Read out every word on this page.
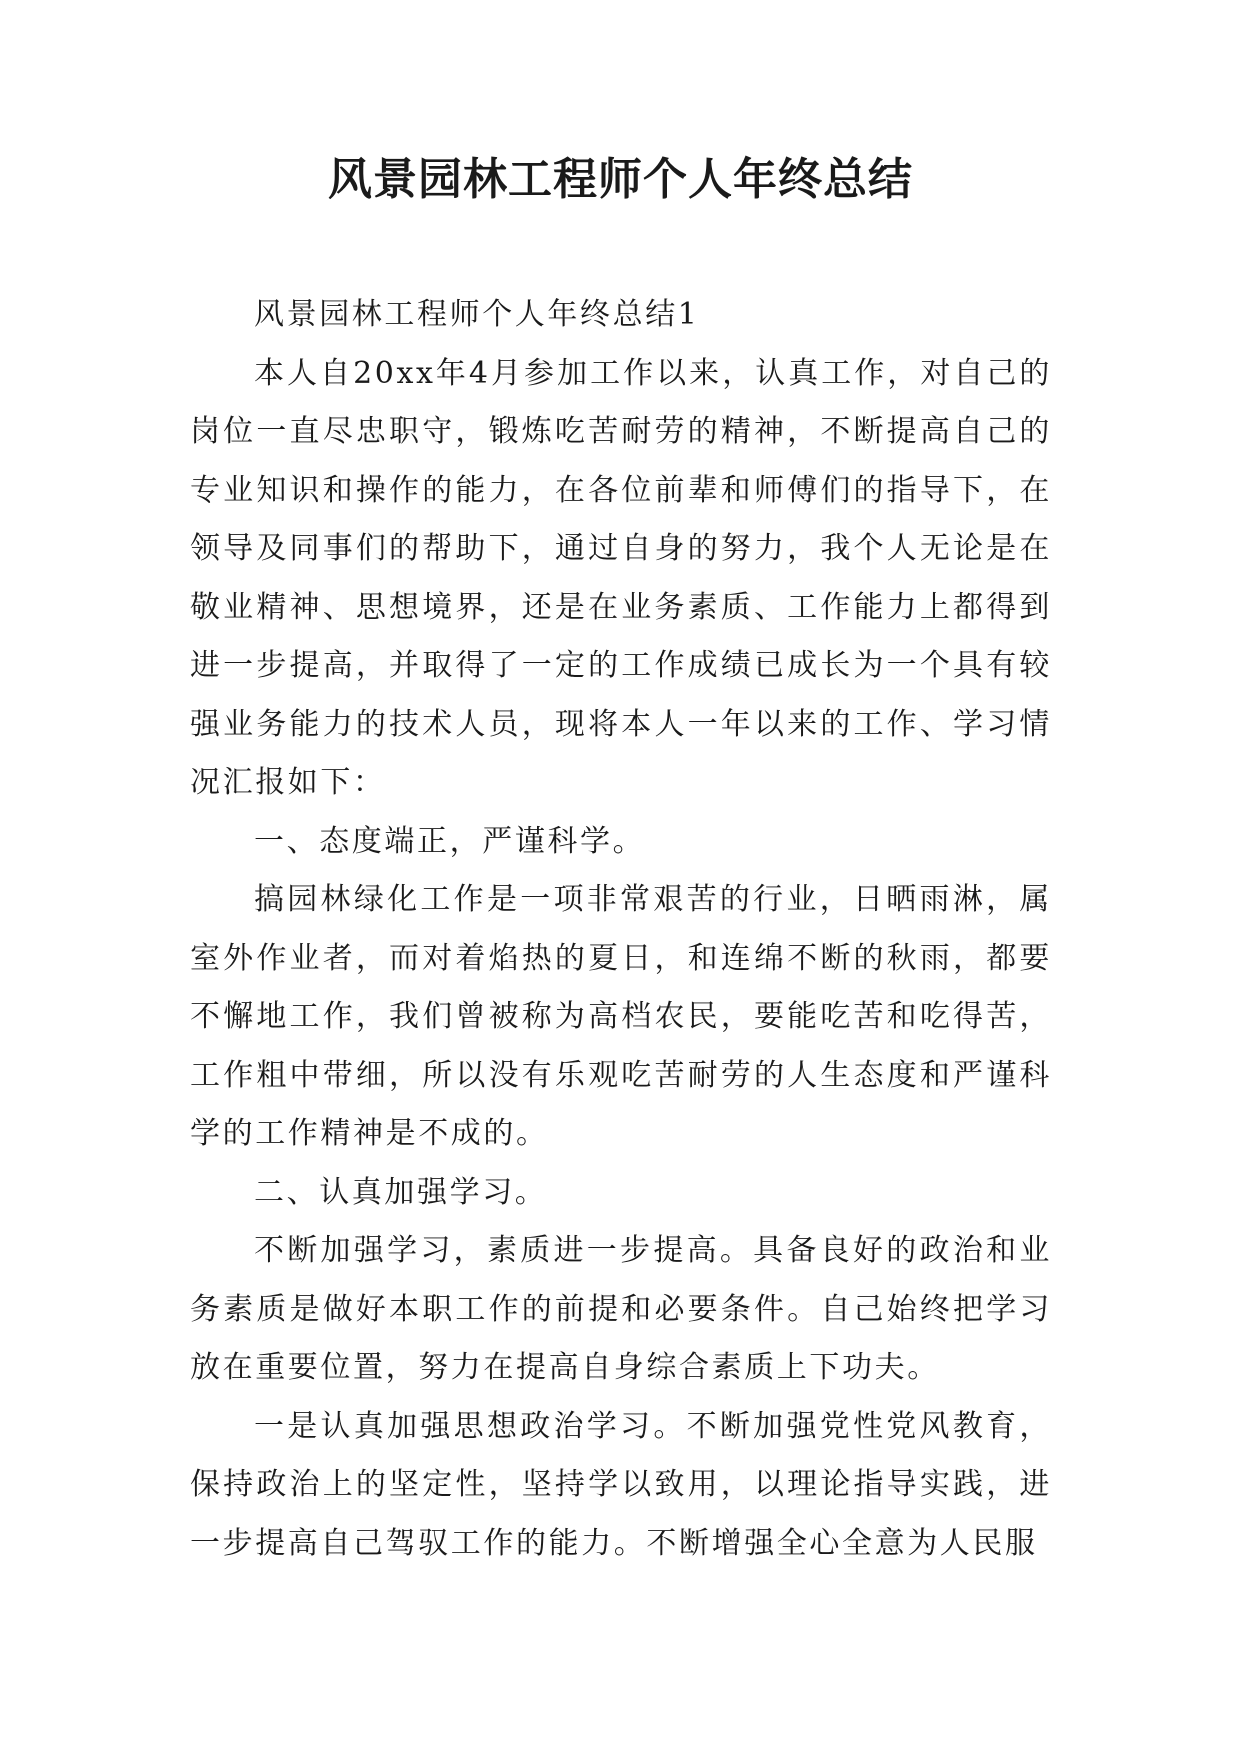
风景园林工程师个人年终总结

风景园林工程师个人年终总结1

本人自20xx年4月参加工作以来，认真工作，对自己的岗位一直尽忠职守，锻炼吃苦耐劳的精神，不断提高自己的专业知识和操作的能力，在各位前辈和师傅们的指导下，在领导及同事们的帮助下，通过自身的努力，我个人无论是在敬业精神、思想境界，还是在业务素质、工作能力上都得到进一步提高，并取得了一定的工作成绩已成长为一个具有较强业务能力的技术人员，现将本人一年以来的工作、学习情况汇报如下：

一、态度端正，严谨科学。

搞园林绿化工作是一项非常艰苦的行业，日晒雨淋，属室外作业者，而对着焰热的夏日，和连绵不断的秋雨，都要不懈地工作，我们曾被称为高档农民，要能吃苦和吃得苦，工作粗中带细，所以没有乐观吃苦耐劳的人生态度和严谨科学的工作精神是不成的。

二、认真加强学习。

不断加强学习，素质进一步提高。具备良好的政治和业务素质是做好本职工作的前提和必要条件。自己始终把学习放在重要位置，努力在提高自身综合素质上下功夫。

一是认真加强思想政治学习。不断加强党性党风教育，保持政治上的坚定性，坚持学以致用，以理论指导实践，进一步提高自己驾驭工作的能力。不断增强全心全意为人民服
